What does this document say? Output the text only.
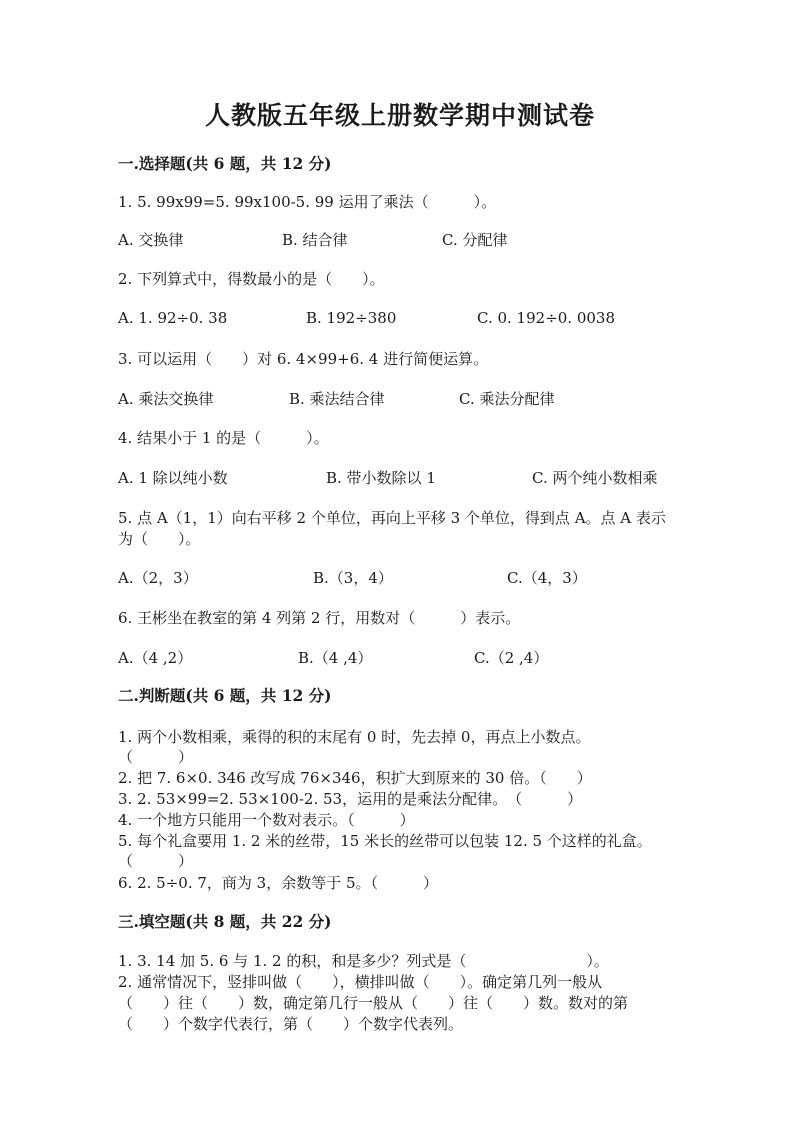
人教版五年级上册数学期中测试卷
一.选择题(共 6 题，共 12 分)
1. 5. 99x99=5. 99x100-5. 99 运用了乘法（　　　）。
A. 交换律	B. 结合律	C. 分配律
2. 下列算式中，得数最小的是（　　）。
A. 1. 92÷0. 38	B. 192÷380	C. 0. 192÷0. 0038
3. 可以运用（　　）对 6. 4×99+6. 4 进行简便运算。
A. 乘法交换律	B. 乘法结合律	C. 乘法分配律
4. 结果小于 1 的是（　　　）。
A. 1 除以纯小数	B. 带小数除以 1	C. 两个纯小数相乘
5. 点 A（1，1）向右平移 2 个单位，再向上平移 3 个单位，得到点 A。点 A 表示
为（　　）。
A.（2，3）	B.（3，4）	C.（4，3）
6. 王彬坐在教室的第 4 列第 2 行，用数对（　　　）表示。
A.（4 ,2）	B.（4 ,4）	C.（2 ,4）
二.判断题(共 6 题，共 12 分)
1. 两个小数相乘，乘得的积的末尾有 0 时，先去掉 0，再点上小数点。
（　　　）
2. 把 7. 6×0. 346 改写成 76×346，积扩大到原来的 30 倍。（　　）
3. 2. 53×99=2. 53×100-2. 53，运用的是乘法分配律。　（　　　）
4. 一个地方只能用一个数对表示。（　　　）
5. 每个礼盒要用 1. 2 米的丝带，15 米长的丝带可以包装 12. 5 个这样的礼盒。
（　　　）
6. 2. 5÷0. 7，商为 3，余数等于 5。（　　　）
三.填空题(共 8 题，共 22 分)
1. 3. 14 加 5. 6 与 1. 2 的积，和是多少？列式是（　　　　　　　　）。
2. 通常情况下，竖排叫做（　　），横排叫做（　　）。确定第几列一般从
（　　）往（　　）数，确定第几行一般从（　　）往（　　）数。数对的第
（　　）个数字代表行，第（　　）个数字代表列。
